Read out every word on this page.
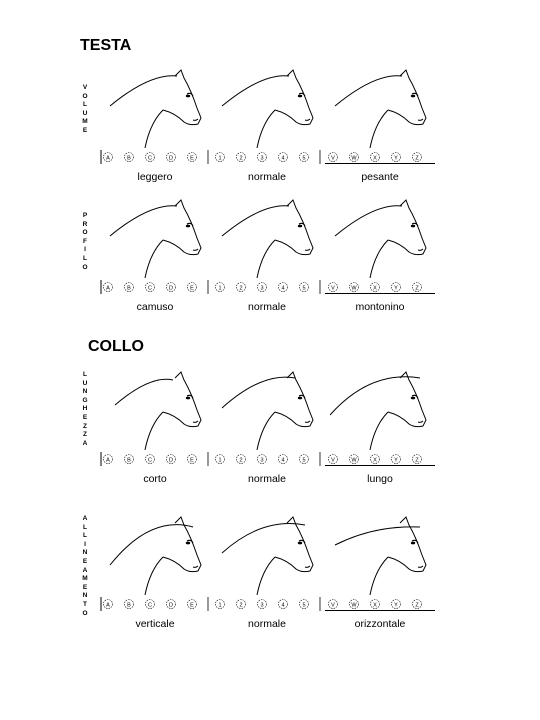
TESTA
COLLO
V
O
L
U
M
E
P
R
O
F
I
L
O
L
U
N
G
H
E
Z
Z
A
A
L
L
I
N
E
A
M
E
N
T
O
A	B	C	D	E
leggero
1	2	3	4	5
normale
V	W	X	Y	Z
pesante
A	B	C	D	E
camuso
1	2	3	4	5
normale
V	W	X	Y	Z
montonino
A	B	C	D	E
corto
1	2	3	4	5
normale
V	W	X	Y	Z
lungo
A	B	C	D	E
verticale
1	2	3	4	5
normale
V	W	X	Y	Z
orizzontale
